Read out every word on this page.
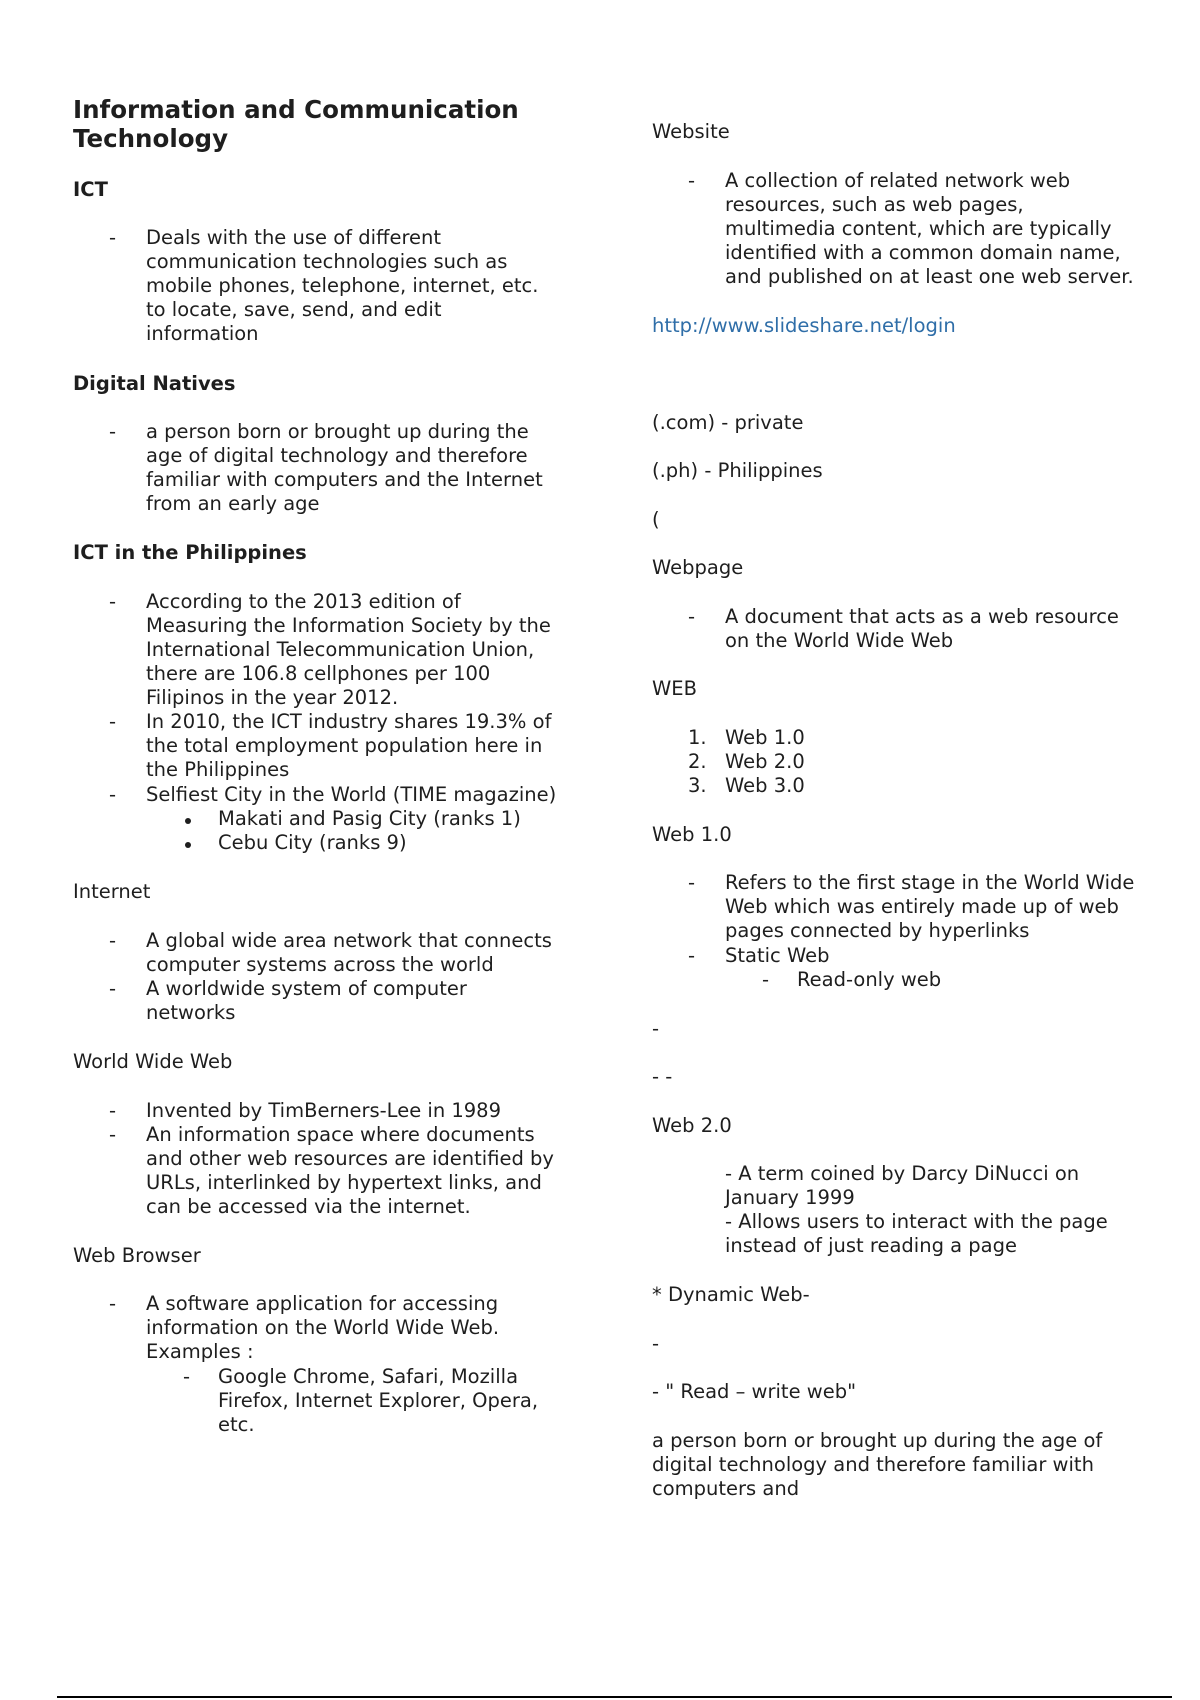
Information and Communication
Technology
ICT
- Deals with the use of different
communication technologies such as
mobile phones, telephone, internet, etc.
to locate, save, send, and edit
information
Digital Natives
- a person born or brought up during the
age of digital technology and therefore
familiar with computers and the Internet
from an early age
ICT in the Philippines
- According to the 2013 edition of
Measuring the Information Society by the
International Telecommunication Union,
there are 106.8 cellphones per 100
Filipinos in the year 2012.
- In 2010, the ICT industry shares 19.3% of
the total employment population here in
the Philippines
- Selfiest City in the World (TIME magazine)
Makati and Pasig City (ranks 1)
Cebu City (ranks 9)
Internet
- A global wide area network that connects
computer systems across the world
- A worldwide system of computer
networks
World Wide Web
- Invented by TimBerners-Lee in 1989
- An information space where documents
and other web resources are identified by
URLs, interlinked by hypertext links, and
can be accessed via the internet.
Web Browser
- A software application for accessing
information on the World Wide Web.
Examples :
- Google Chrome, Safari, Mozilla
Firefox, Internet Explorer, Opera,
etc.
Website
- A collection of related network web
resources, such as web pages,
multimedia content, which are typically
identified with a common domain name,
and published on at least one web server.
http://www.slideshare.net/login
(.com) - private
(.ph) - Philippines
(
Webpage
- A document that acts as a web resource
on the World Wide Web
WEB
1. Web 1.0
2. Web 2.0
3. Web 3.0
Web 1.0
- Refers to the first stage in the World Wide
Web which was entirely made up of web
pages connected by hyperlinks
- Static Web
- Read-only web
-
- -
Web 2.0
- A term coined by Darcy DiNucci on
January 1999
- Allows users to interact with the page
instead of just reading a page
* Dynamic Web-
-
- " Read – write web"
a person born or brought up during the age of
digital technology and therefore familiar with
computers and
